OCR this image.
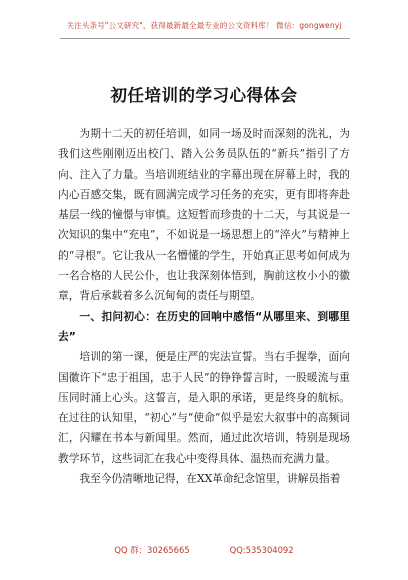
关注头条号"公文研究"，获得最新最全最专业的公文资料库！ 微信：gongwenyj
初任培训的学习心得体会

为期十二天的初任培训，如同一场及时而深刻的洗礼，为我们这些刚刚迈出校门、踏入公务员队伍的“新兵”指引了方向、注入了力量。当培训班结业的字幕出现在屏幕上时，我的内心百感交集，既有圆满完成学习任务的充实，更有即将奔赴基层一线的憧憬与审慎。这短暂而珍贵的十二天，与其说是一次知识的集中“充电”，不如说是一场思想上的“淬火”与精神上的“寻根”。它让我从一名懵懂的学生，开始真正思考如何成为一名合格的人民公仆，也让我深刻体悟到，胸前这枚小小的徽章，背后承载着多么沉甸甸的责任与期望。

一、扣问初心：在历史的回响中感悟“从哪里来、到哪里去”

培训的第一课，便是庄严的宪法宣誓。当右手握拳，面向国徽许下“忠于祖国，忠于人民”的铮铮誓言时，一股暖流与重压同时涌上心头。这誓言，是入职的承诺，更是终身的航标。在过往的认知里，“初心”与“使命”似乎是宏大叙事中的高频词汇，闪耀在书本与新闻里。然而，通过此次培训，特别是现场教学环节，这些词汇在我心中变得具体、温热而充满力量。

我至今仍清晰地记得，在XX革命纪念馆里，讲解员指着

QQ 群：30265665	QQ:535304092
